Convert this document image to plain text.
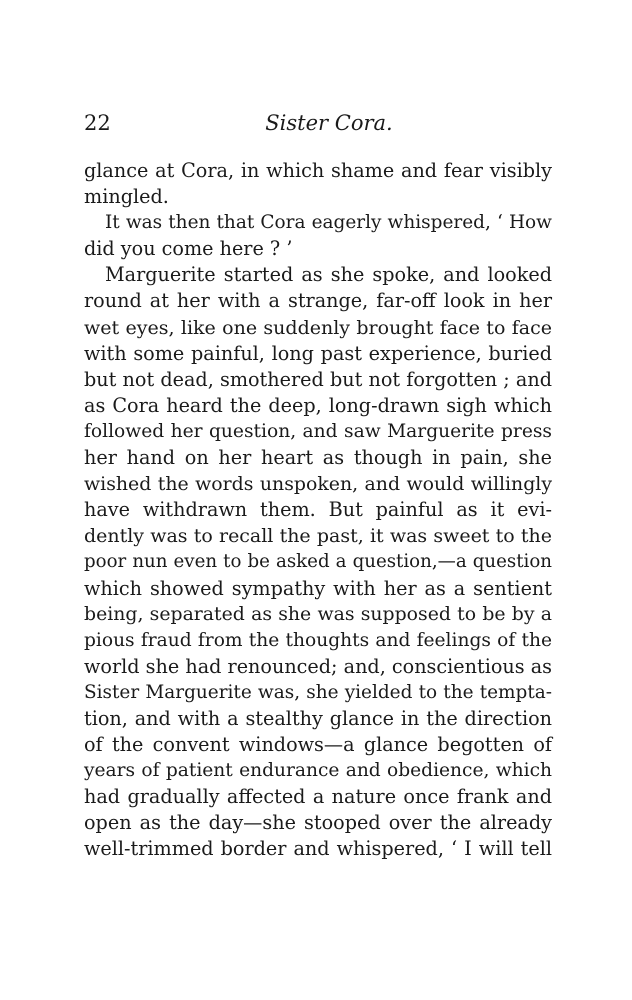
22	Sister Cora.
glance at Cora, in which shame and fear visibly
mingled.
It was then that Cora eagerly whispered, ‘ How
did you come here ? ’
Marguerite started as she spoke, and looked
round at her with a strange, far-off look in her
wet eyes, like one suddenly brought face to face
with some painful, long past experience, buried
but not dead, smothered but not forgotten ; and
as Cora heard the deep, long-drawn sigh which
followed her question, and saw Marguerite press
her hand on her heart as though in pain, she
wished the words unspoken, and would willingly
have withdrawn them. But painful as it evi-
dently was to recall the past, it was sweet to the
poor nun even to be asked a question,—a question
which showed sympathy with her as a sentient
being, separated as she was supposed to be by a
pious fraud from the thoughts and feelings of the
world she had renounced; and, conscientious as
Sister Marguerite was, she yielded to the tempta-
tion, and with a stealthy glance in the direction
of the convent windows—a glance begotten of
years of patient endurance and obedience, which
had gradually affected a nature once frank and
open as the day—she stooped over the already
well-trimmed border and whispered, ‘ I will tell
